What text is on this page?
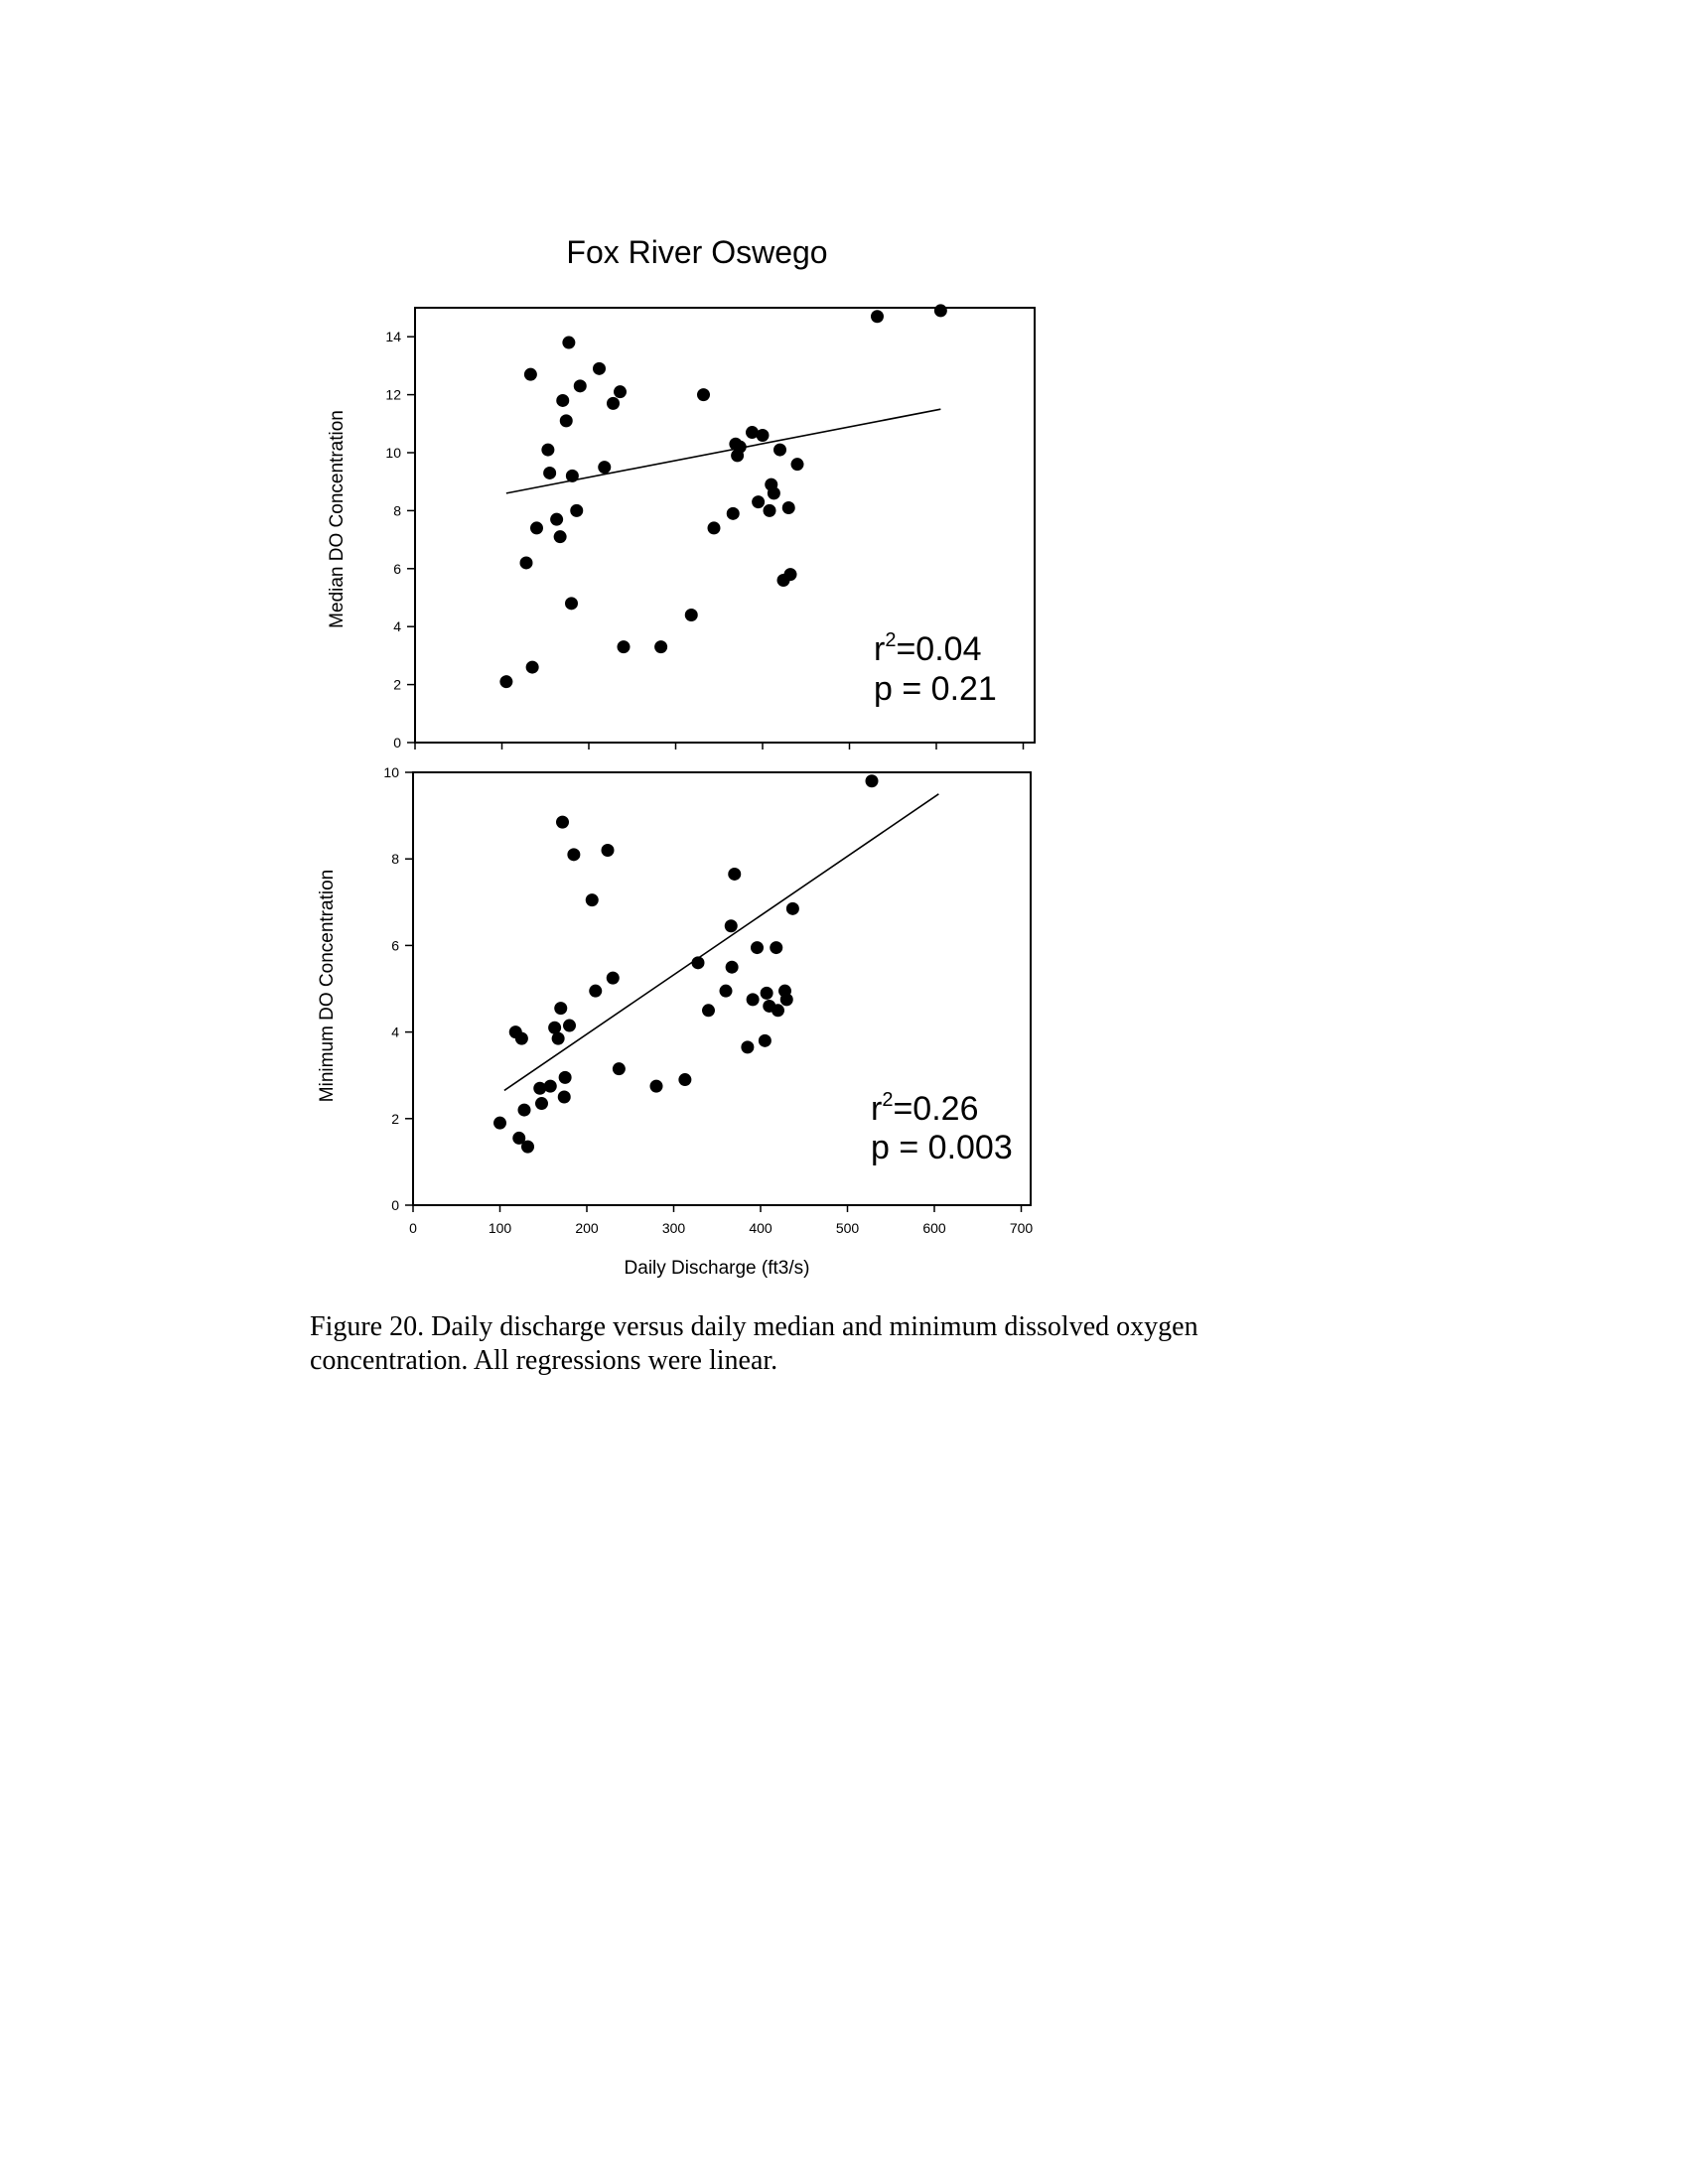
Fox River Oswego
0
2
4
6
8
10
12
14
Median DO Concentration
$r^2=0.04$
p = 0.21
0
2
4
6
8
10
0	100	200	300	400	500	600	700
Minimum DO Concentration
$r^2=0.26$
p = 0.003
Daily Discharge (ft3/s)
Figure 20. Daily discharge versus daily median and minimum dissolved oxygen
concentration. All regressions were linear.
